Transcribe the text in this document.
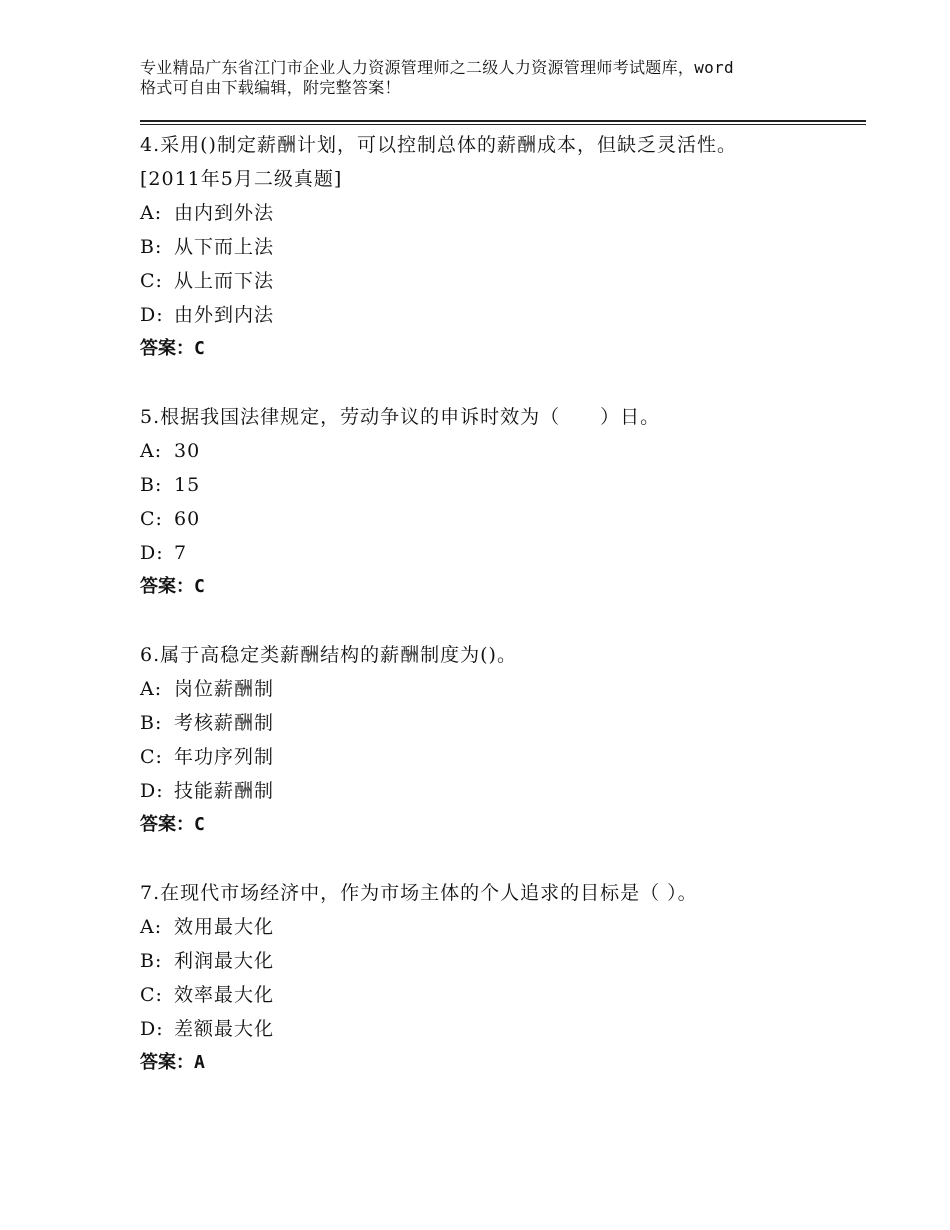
专业精品广东省江门市企业人力资源管理师之二级人力资源管理师考试题库，word
格式可自由下载编辑，附完整答案！
4.采用()制定薪酬计划，可以控制总体的薪酬成本，但缺乏灵活性。
[2011年5月二级真题]
A: 由内到外法
B: 从下而上法
C: 从上而下法
D: 由外到内法
答案：C
5.根据我国法律规定，劳动争议的申诉时效为（　　）日。
A: 30
B: 15
C: 60
D: 7
答案：C
6.属于高稳定类薪酬结构的薪酬制度为()。
A: 岗位薪酬制
B: 考核薪酬制
C: 年功序列制
D: 技能薪酬制
答案：C
7.在现代市场经济中，作为市场主体的个人追求的目标是（ ）。
A: 效用最大化
B: 利润最大化
C: 效率最大化
D: 差额最大化
答案：A
